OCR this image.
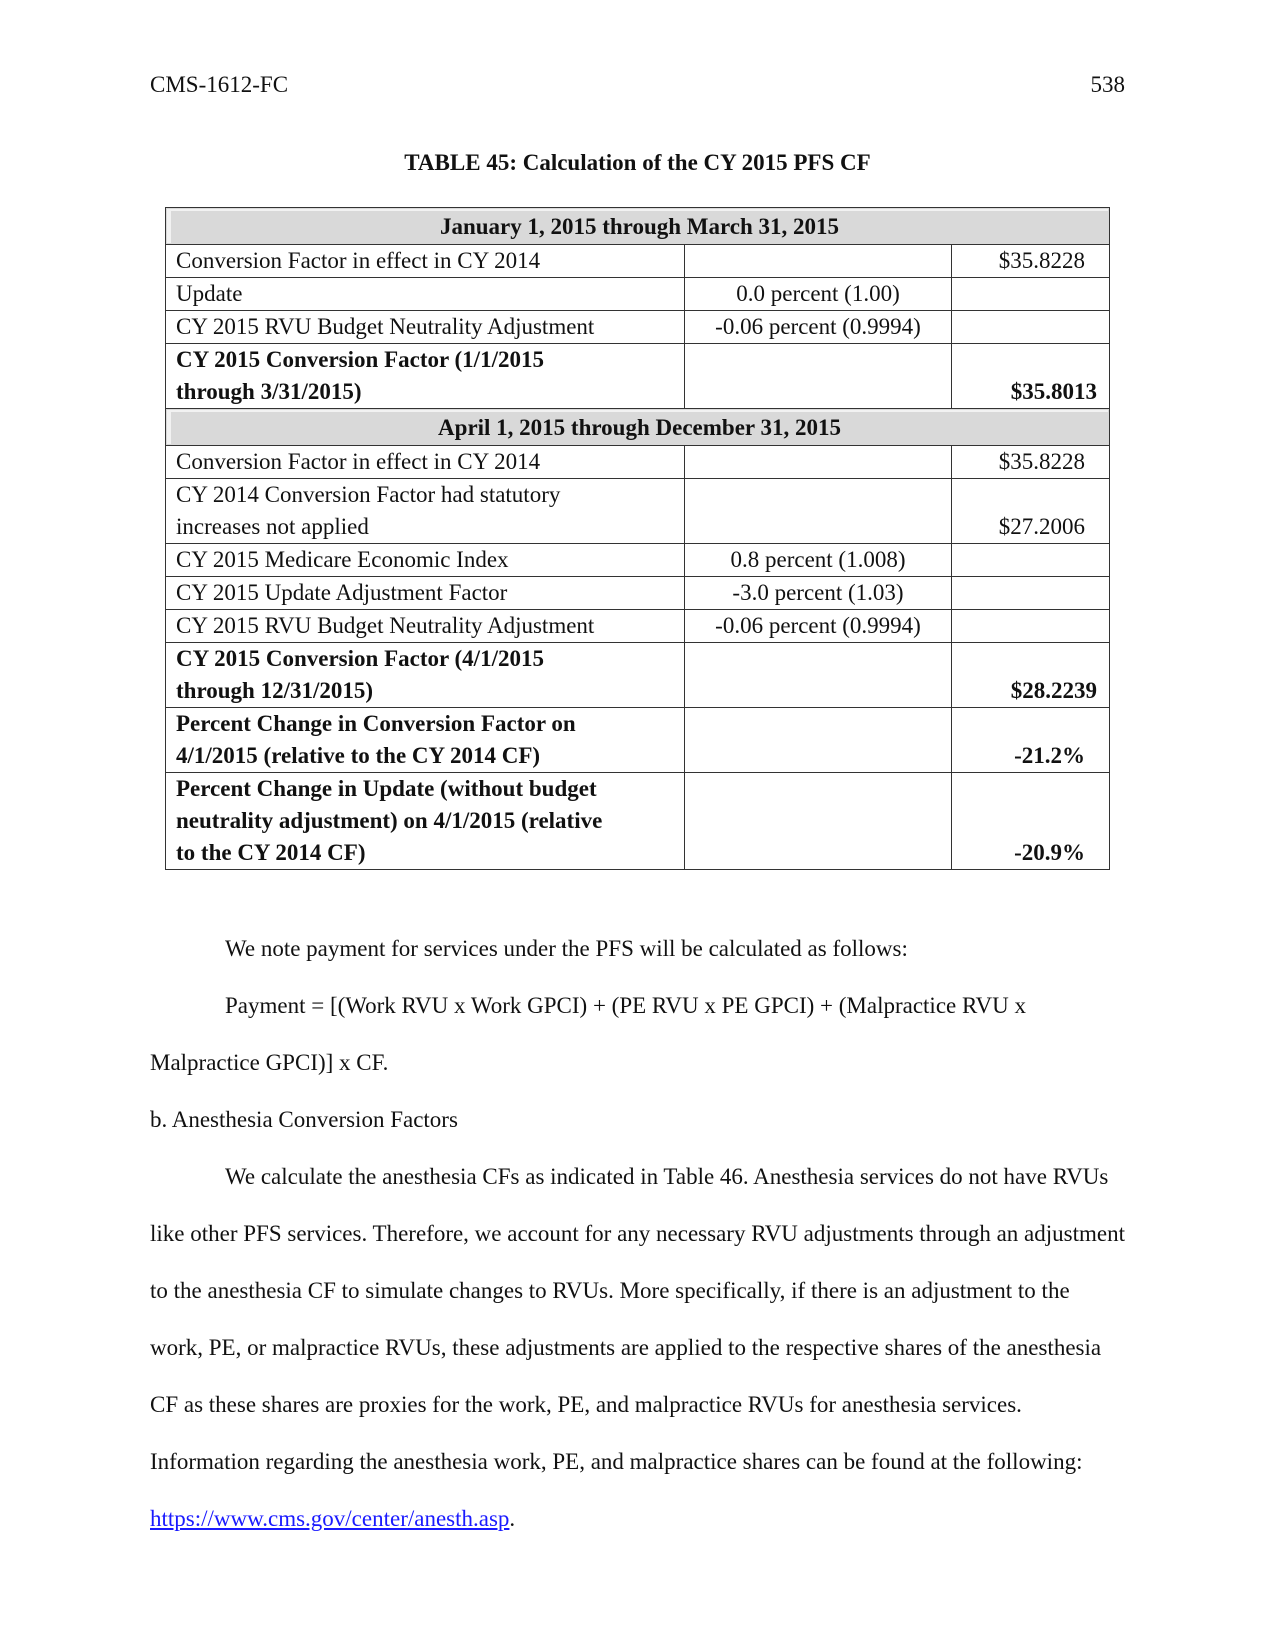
CMS-1612-FC	538
TABLE 45: Calculation of the CY 2015 PFS CF
January 1, 2015 through March 31, 2015		

Conversion Factor in effect in CY 2014		$35.8228
Update	0.0 percent (1.00)	
CY 2015 RVU Budget Neutrality Adjustment	-0.06 percent (0.9994)	

CY 2015 Conversion Factor (1/1/2015
through 3/31/2015)		$35.8013

April 1, 2015 through December 31, 2015		

Conversion Factor in effect in CY 2014		$35.8228

CY 2014 Conversion Factor had statutory
increases not applied		$27.2006
CY 2015 Medicare Economic Index	0.8 percent (1.008)	
CY 2015 Update Adjustment Factor	-3.0 percent (1.03)	
CY 2015 RVU Budget Neutrality Adjustment	-0.06 percent (0.9994)	

CY 2015 Conversion Factor (4/1/2015
through 12/31/2015)		$28.2239

Percent Change in Conversion Factor on
4/1/2015 (relative to the CY 2014 CF)		-21.2%

Percent Change in Update (without budget
neutrality adjustment) on 4/1/2015 (relative
to the CY 2014 CF)		-20.9%

We note payment for services under the PFS will be calculated as follows:

Payment = [(Work RVU x Work GPCI) + (PE RVU x PE GPCI) + (Malpractice RVU x Malpractice GPCI)] x CF.

b. Anesthesia Conversion Factors

We calculate the anesthesia CFs as indicated in Table 46. Anesthesia services do not have RVUs like other PFS services. Therefore, we account for any necessary RVU adjustments through an adjustment to the anesthesia CF to simulate changes to RVUs. More specifically, if there is an adjustment to the work, PE, or malpractice RVUs, these adjustments are applied to the respective shares of the anesthesia CF as these shares are proxies for the work, PE, and malpractice RVUs for anesthesia services. Information regarding the anesthesia work, PE, and malpractice shares can be found at the following: https://www.cms.gov/center/anesth.asp.
